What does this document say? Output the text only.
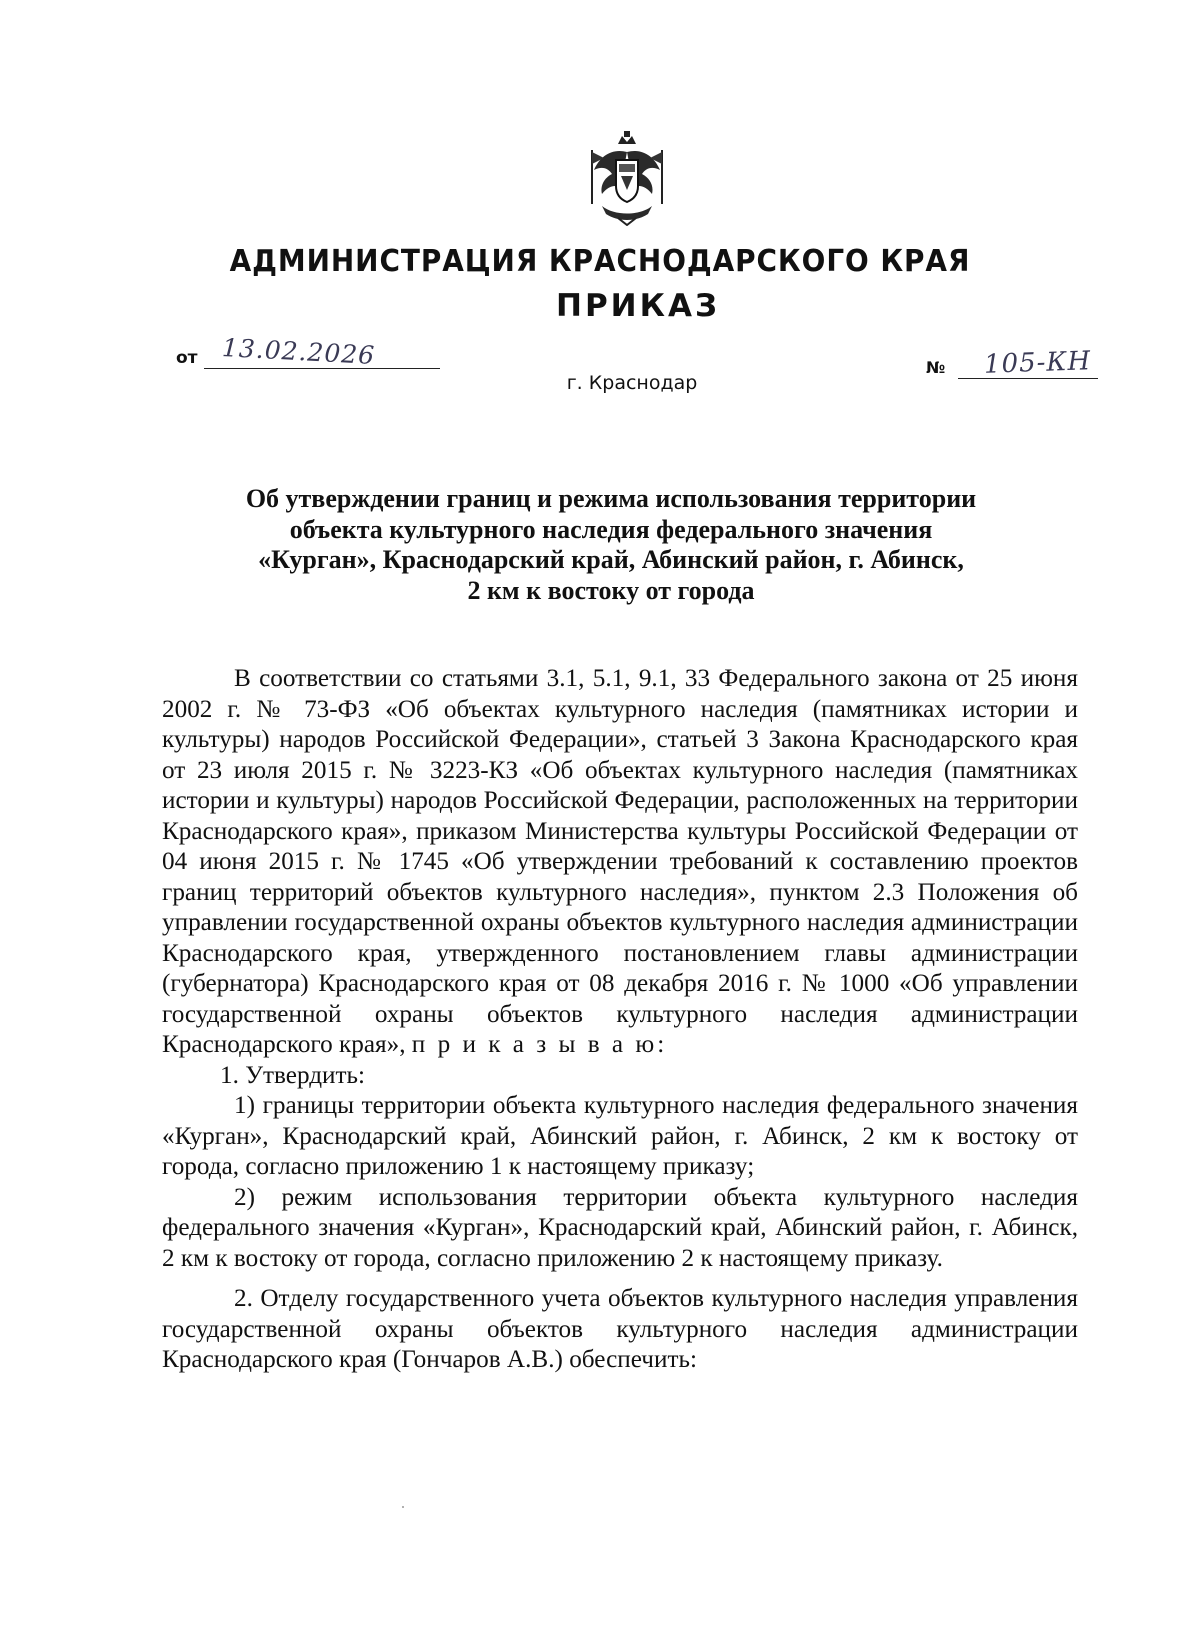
АДМИНИСТРАЦИЯ КРАСНОДАРСКОГО КРАЯ
ПРИКАЗ
от 13.02.2026
г. Краснодар
№ 105-КН
Об утверждении границ и режима использования территории
объекта культурного наследия федерального значения
«Курган», Краснодарский край, Абинский район, г. Абинск,
2 км к востоку от города

В соответствии со статьями 3.1, 5.1, 9.1, 33 Федерального закона от 25 июня 2002 г. № 73-ФЗ «Об объектах культурного наследия (памятниках истории и культуры) народов Российской Федерации», статьей 3 Закона Краснодарского края от 23 июля 2015 г. № 3223-КЗ «Об объектах культурного наследия (памятниках истории и культуры) народов Российской Федерации, расположенных на территории Краснодарского края», приказом Министерства культуры Российской Федерации от 04 июня 2015 г. № 1745 «Об утверждении требований к составлению проектов границ территорий объектов культурного наследия», пунктом 2.3 Положения об управлении государственной охраны объектов культурного наследия администрации Краснодарского края, утвержденного постановлением главы администрации (губернатора) Краснодарского края от 08 декабря 2016 г. № 1000 «Об управлении государственной охраны объектов культурного наследия администрации Краснодарского края», п р и к а з ы в а ю:

1. Утвердить:

1) границы территории объекта культурного наследия федерального значения «Курган», Краснодарский край, Абинский район, г. Абинск, 2 км к востоку от города, согласно приложению 1 к настоящему приказу;

2) режим использования территории объекта культурного наследия федерального значения «Курган», Краснодарский край, Абинский район, г. Абинск, 2 км к востоку от города, согласно приложению 2 к настоящему приказу.

2. Отделу государственного учета объектов культурного наследия управления государственной охраны объектов культурного наследия администрации Краснодарского края (Гончаров А.В.) обеспечить:
